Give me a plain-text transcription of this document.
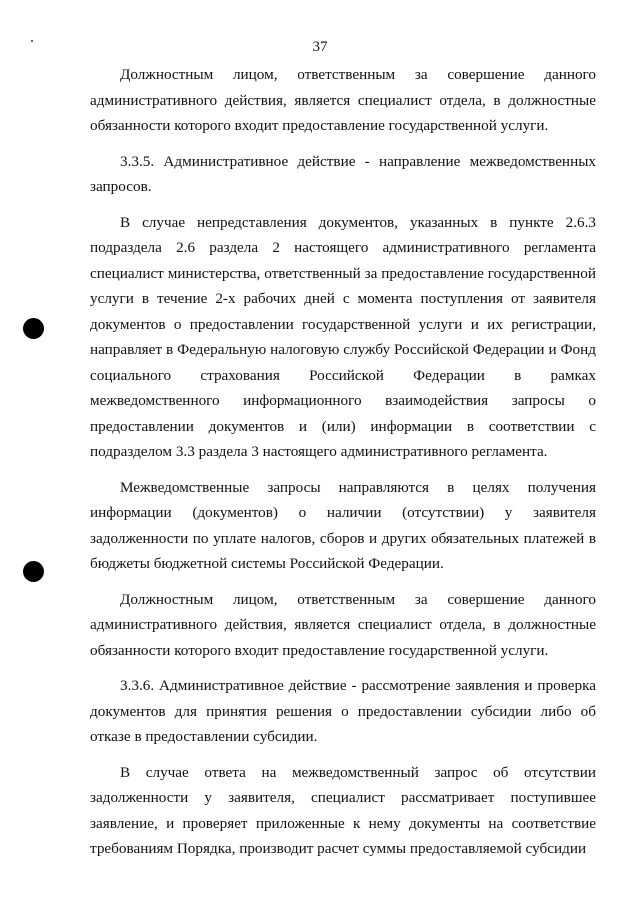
37

Должностным лицом, ответственным за совершение данного административного действия, является специалист отдела, в должностные обязанности которого входит предоставление государственной услуги.

3.3.5. Административное действие - направление межведомственных запросов.

В случае непредставления документов, указанных в пункте 2.6.3 подраздела 2.6 раздела 2 настоящего административного регламента специалист министерства, ответственный за предоставление государственной услуги в течение 2-х рабочих дней с момента поступления от заявителя документов о предоставлении государственной услуги и их регистрации, направляет в Федеральную налоговую службу Российской Федерации и Фонд социального страхования Российской Федерации в рамках межведомственного информационного взаимодействия запросы о предоставлении документов и (или) информации в соответствии с подразделом 3.3 раздела 3 настоящего административного регламента.

Межведомственные запросы направляются в целях получения информации (документов) о наличии (отсутствии) у заявителя задолженности по уплате налогов, сборов и других обязательных платежей в бюджеты бюджетной системы Российской Федерации.

Должностным лицом, ответственным за совершение данного административного действия, является специалист отдела, в должностные обязанности которого входит предоставление государственной услуги.

3.3.6. Административное действие - рассмотрение заявления и проверка документов для принятия решения о предоставлении субсидии либо об отказе в предоставлении субсидии.

В случае ответа на межведомственный запрос об отсутствии задолженности у заявителя, специалист рассматривает поступившее заявление, и проверяет приложенные к нему документы на соответствие требованиям Порядка, производит расчет суммы предоставляемой субсидии
